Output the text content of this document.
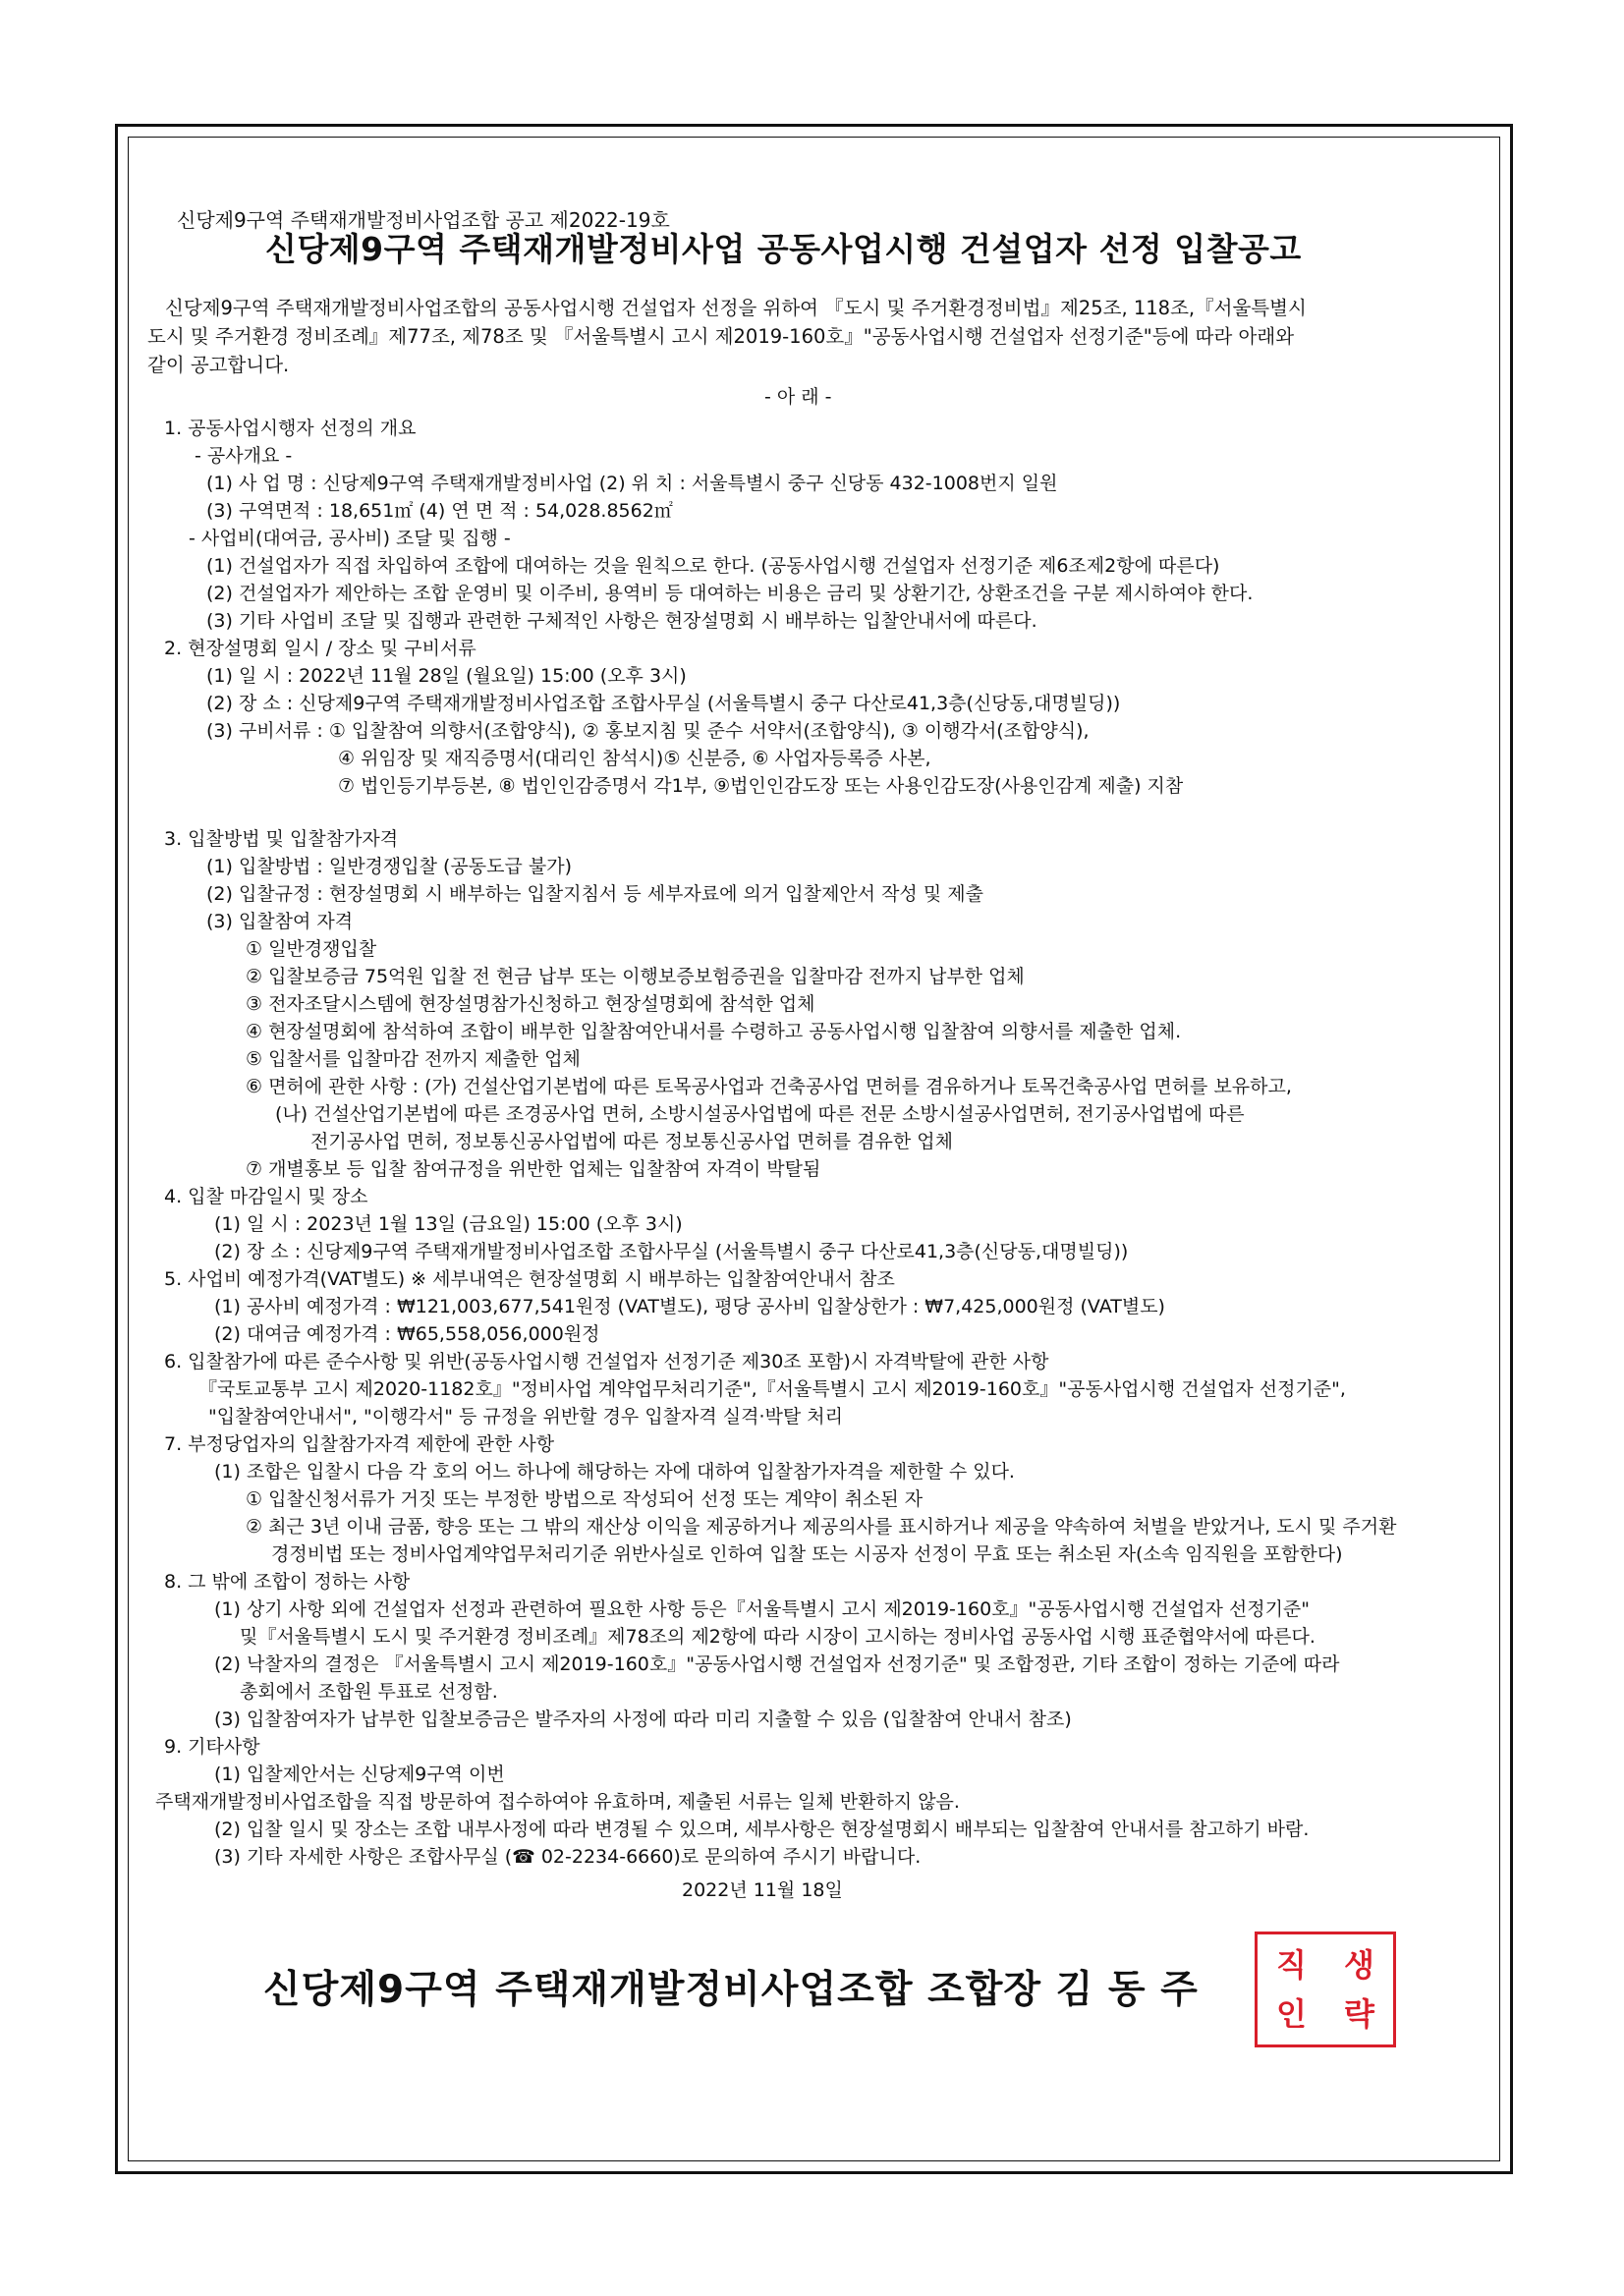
신당제9구역 주택재개발정비사업조합 공고 제2022-19호
신당제9구역 주택재개발정비사업 공동사업시행 건설업자 선정 입찰공고
신당제9구역 주택재개발정비사업조합의 공동사업시행 건설업자 선정을 위하여 『도시 및 주거환경정비법』제25조, 118조,『서울특별시
도시 및 주거환경 정비조례』제77조, 제78조 및 『서울특별시 고시 제2019-160호』"공동사업시행 건설업자 선정기준"등에 따라 아래와
같이 공고합니다.
- 아 래 -
1. 공동사업시행자 선정의 개요
- 공사개요 -
(1) 사 업 명 : 신당제9구역 주택재개발정비사업 (2) 위 치 : 서울특별시 중구 신당동 432-1008번지 일원
(3) 구역면적 : 18,651㎡ (4) 연 면 적 : 54,028.8562㎡
- 사업비(대여금, 공사비) 조달 및 집행 -
(1) 건설업자가 직접 차입하여 조합에 대여하는 것을 원칙으로 한다. (공동사업시행 건설업자 선정기준 제6조제2항에 따른다)
(2) 건설업자가 제안하는 조합 운영비 및 이주비, 용역비 등 대여하는 비용은 금리 및 상환기간, 상환조건을 구분 제시하여야 한다.
(3) 기타 사업비 조달 및 집행과 관련한 구체적인 사항은 현장설명회 시 배부하는 입찰안내서에 따른다.
2. 현장설명회 일시 / 장소 및 구비서류
(1) 일 시 : 2022년 11월 28일 (월요일) 15:00 (오후 3시)
(2) 장 소 : 신당제9구역 주택재개발정비사업조합 조합사무실 (서울특별시 중구 다산로41,3층(신당동,대명빌딩))
(3) 구비서류 : ① 입찰참여 의향서(조합양식), ② 홍보지침 및 준수 서약서(조합양식), ③ 이행각서(조합양식),
④ 위임장 및 재직증명서(대리인 참석시)⑤ 신분증, ⑥ 사업자등록증 사본,
⑦ 법인등기부등본, ⑧ 법인인감증명서 각1부, ⑨법인인감도장 또는 사용인감도장(사용인감계 제출) 지참
3. 입찰방법 및 입찰참가자격
(1) 입찰방법 : 일반경쟁입찰 (공동도급 불가)
(2) 입찰규정 : 현장설명회 시 배부하는 입찰지침서 등 세부자료에 의거 입찰제안서 작성 및 제출
(3) 입찰참여 자격
① 일반경쟁입찰
② 입찰보증금 75억원 입찰 전 현금 납부 또는 이행보증보험증권을 입찰마감 전까지 납부한 업체
③ 전자조달시스템에 현장설명참가신청하고 현장설명회에 참석한 업체
④ 현장설명회에 참석하여 조합이 배부한 입찰참여안내서를 수령하고 공동사업시행 입찰참여 의향서를 제출한 업체.
⑤ 입찰서를 입찰마감 전까지 제출한 업체
⑥ 면허에 관한 사항 : (가) 건설산업기본법에 따른 토목공사업과 건축공사업 면허를 겸유하거나 토목건축공사업 면허를 보유하고,
(나) 건설산업기본법에 따른 조경공사업 면허, 소방시설공사업법에 따른 전문 소방시설공사업면허, 전기공사업법에 따른
전기공사업 면허, 정보통신공사업법에 따른 정보통신공사업 면허를 겸유한 업체
⑦ 개별홍보 등 입찰 참여규정을 위반한 업체는 입찰참여 자격이 박탈됨
4. 입찰 마감일시 및 장소
(1) 일 시 : 2023년 1월 13일 (금요일) 15:00 (오후 3시)
(2) 장 소 : 신당제9구역 주택재개발정비사업조합 조합사무실 (서울특별시 중구 다산로41,3층(신당동,대명빌딩))
5. 사업비 예정가격(VAT별도) ※ 세부내역은 현장설명회 시 배부하는 입찰참여안내서 참조
(1) 공사비 예정가격 : ₩121,003,677,541원정 (VAT별도), 평당 공사비 입찰상한가 : ₩7,425,000원정 (VAT별도)
(2) 대여금 예정가격 : ₩65,558,056,000원정
6. 입찰참가에 따른 준수사항 및 위반(공동사업시행 건설업자 선정기준 제30조 포함)시 자격박탈에 관한 사항
『국토교통부 고시 제2020-1182호』"정비사업 계약업무처리기준",『서울특별시 고시 제2019-160호』"공동사업시행 건설업자 선정기준",
"입찰참여안내서", "이행각서" 등 규정을 위반할 경우 입찰자격 실격·박탈 처리
7. 부정당업자의 입찰참가자격 제한에 관한 사항
(1) 조합은 입찰시 다음 각 호의 어느 하나에 해당하는 자에 대하여 입찰참가자격을 제한할 수 있다.
① 입찰신청서류가 거짓 또는 부정한 방법으로 작성되어 선정 또는 계약이 취소된 자
② 최근 3년 이내 금품, 향응 또는 그 밖의 재산상 이익을 제공하거나 제공의사를 표시하거나 제공을 약속하여 처벌을 받았거나, 도시 및 주거환
경정비법 또는 정비사업계약업무처리기준 위반사실로 인하여 입찰 또는 시공자 선정이 무효 또는 취소된 자(소속 임직원을 포함한다)
8. 그 밖에 조합이 정하는 사항
(1) 상기 사항 외에 건설업자 선정과 관련하여 필요한 사항 등은『서울특별시 고시 제2019-160호』"공동사업시행 건설업자 선정기준"
및『서울특별시 도시 및 주거환경 정비조례』제78조의 제2항에 따라 시장이 고시하는 정비사업 공동사업 시행 표준협약서에 따른다.
(2) 낙찰자의 결정은 『서울특별시 고시 제2019-160호』"공동사업시행 건설업자 선정기준" 및 조합정관, 기타 조합이 정하는 기준에 따라
총회에서 조합원 투표로 선정함.
(3) 입찰참여자가 납부한 입찰보증금은 발주자의 사정에 따라 미리 지출할 수 있음 (입찰참여 안내서 참조)
9. 기타사항
(1) 입찰제안서는 신당제9구역 이번
주택재개발정비사업조합을 직접 방문하여 접수하여야 유효하며, 제출된 서류는 일체 반환하지 않음.
(2) 입찰 일시 및 장소는 조합 내부사정에 따라 변경될 수 있으며, 세부사항은 현장설명회시 배부되는 입찰참여 안내서를 참고하기 바람.
(3) 기타 자세한 사항은 조합사무실 (☎ 02-2234-6660)로 문의하여 주시기 바랍니다.
2022년 11월 18일
신당제9구역 주택재개발정비사업조합 조합장 김 동 주
직	생
인	략
